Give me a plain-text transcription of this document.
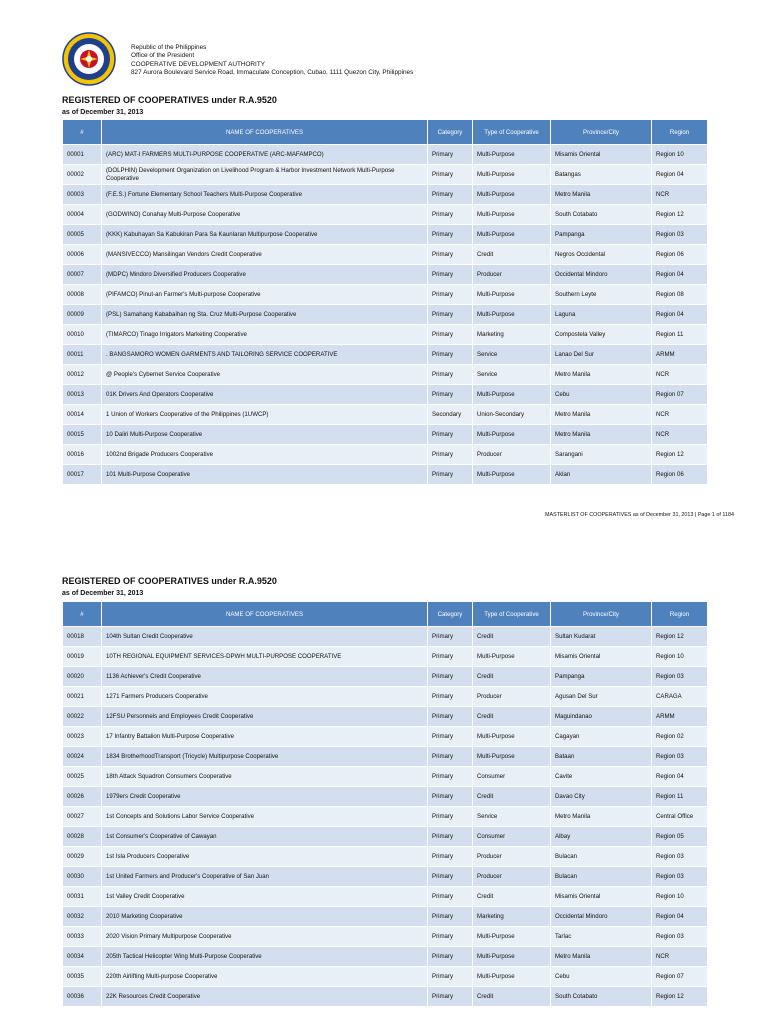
Republic of the Philippines
Office of the President
COOPERATIVE DEVELOPMENT AUTHORITY
827 Aurora Boulevard Service Road, Immaculate Conception, Cubao, 1111 Quezon City, Philippines
REGISTERED OF COOPERATIVES under R.A.9520
as of December 31, 2013
#	NAME OF COOPERATIVES	Category	Type of Cooperative	Province/City	Region
00001	(ARC) MAT-I FARMERS MULTI-PURPOSE COOPERATIVE (ARC-MAFAMPCO)	Primary	Multi-Purpose	Misamis Oriental	Region 10
00002	(DOLPHIN) Development Organization on Livelihood Program & Harbor Investment Network Multi-Purpose Cooperative	Primary	Multi-Purpose	Batangas	Region 04
00003	(F.E.S.) Fortune Elementary School Teachers Multi-Purpose Cooperative	Primary	Multi-Purpose	Metro Manila	NCR
00004	(GODWINO) Conahay Multi-Purpose Cooperative	Primary	Multi-Purpose	South Cotabato	Region 12
00005	(KKK) Kabuhayan Sa Kabukiran Para Sa Kaunlaran Multipurpose Cooperative	Primary	Multi-Purpose	Pampanga	Region 03
00006	(MANSIVECCO) Mansilingan Vendors Credit Cooperative	Primary	Credit	Negros Occidental	Region 06
00007	(MDPC) Mindoro Diversified Producers Cooperative	Primary	Producer	Occidental Mindoro	Region 04
00008	(PIFAMCO) Pinut-an Farmer's Multi-purpose Cooperative	Primary	Multi-Purpose	Southern Leyte	Region 08
00009	(PSL) Samahang Kababaihan ng Sta. Cruz Multi-Purpose Cooperative	Primary	Multi-Purpose	Laguna	Region 04
00010	(TIMARCO) Tinago Irrigators Marketing Cooperative	Primary	Marketing	Compostela Valley	Region 11
00011	. BANGSAMORO WOMEN GARMENTS AND TAILORING SERVICE COOPERATIVE	Primary	Service	Lanao Del Sur	ARMM
00012	@ People's Cybernet Service Cooperative	Primary	Service	Metro Manila	NCR
00013	01K Drivers And Operators Cooperative	Primary	Multi-Purpose	Cebu	Region 07
00014	1 Union of Workers Cooperative of the Philippines (1UWCP)	Secondary	Union-Secondary	Metro Manila	NCR
00015	10 Daliri Multi-Purpose Cooperative	Primary	Multi-Purpose	Metro Manila	NCR
00016	1002nd Brigade Producers Cooperative	Primary	Producer	Sarangani	Region 12
00017	101 Multi-Purpose Cooperative	Primary	Multi-Purpose	Aklan	Region 06
MASTERLIST OF COOPERATIVES as of December 31, 2013 | Page 1 of 1184
REGISTERED OF COOPERATIVES under R.A.9520
as of December 31, 2013
#	NAME OF COOPERATIVES	Category	Type of Cooperative	Province/City	Region
00018	104th Sultan Credit Cooperative	Primary	Credit	Sultan Kudarat	Region 12
00019	10TH REGIONAL EQUIPMENT SERVICES-DPWH MULTI-PURPOSE COOPERATIVE	Primary	Multi-Purpose	Misamis Oriental	Region 10
00020	1136 Achiever's Credit Cooperative	Primary	Credit	Pampanga	Region 03
00021	1271 Farmers Producers Cooperative	Primary	Producer	Agusan Del Sur	CARAGA
00022	12FSU Personnels and Employees Credit Cooperative	Primary	Credit	Maguindanao	ARMM
00023	17 Infantry Battalion Multi-Purpose Cooperative	Primary	Multi-Purpose	Cagayan	Region 02
00024	1834 BrotherhoodTransport (Tricycle) Multipurpose Cooperative	Primary	Multi-Purpose	Bataan	Region 03
00025	18th Attack Squadron Consumers Cooperative	Primary	Consumer	Cavite	Region 04
00026	1979ers Credit Cooperative	Primary	Credit	Davao City	Region 11
00027	1st Concepts and Solutions Labor Service Cooperative	Primary	Service	Metro Manila	Central Office
00028	1st Consumer's Cooperative of Cawayan	Primary	Consumer	Albay	Region 05
00029	1st Isla Producers Cooperative	Primary	Producer	Bulacan	Region 03
00030	1st United Farmers and Producer's Cooperative of San Juan	Primary	Producer	Bulacan	Region 03
00031	1st Valley Credit Cooperative	Primary	Credit	Misamis Oriental	Region 10
00032	2010 Marketing Cooperative	Primary	Marketing	Occidental Mindoro	Region 04
00033	2020 Vision Primary Multipurpose Cooperative	Primary	Multi-Purpose	Tarlac	Region 03
00034	205th Tactical Helicopter Wing Multi-Purpose Cooperative	Primary	Multi-Purpose	Metro Manila	NCR
00035	220th Airlifting Multi-purpose Cooperative	Primary	Multi-Purpose	Cebu	Region 07
00036	22K Resources Credit Cooperative	Primary	Credit	South Cotabato	Region 12
